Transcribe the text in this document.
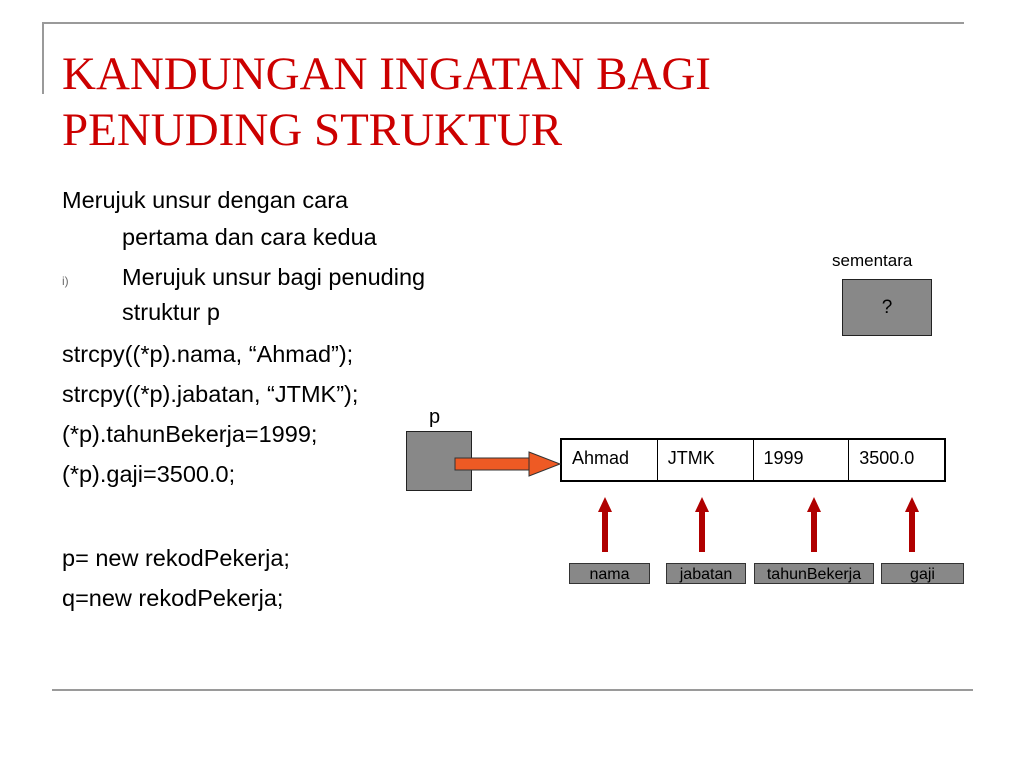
KANDUNGAN INGATAN BAGI
PENUDING STRUKTUR
Merujuk unsur dengan cara
pertama dan cara kedua
i) Merujuk unsur bagi penuding
struktur p
strcpy((*p).nama, “Ahmad”);
strcpy((*p).jabatan, “JTMK”);
(*p).tahunBekerja=1999;
(*p).gaji=3500.0;
p= new rekodPekerja;
q=new rekodPekerja;
sementara
?
p
Ahmad	JTMK	1999	3500.0
nama	jabatan	tahunBekerja	gaji
